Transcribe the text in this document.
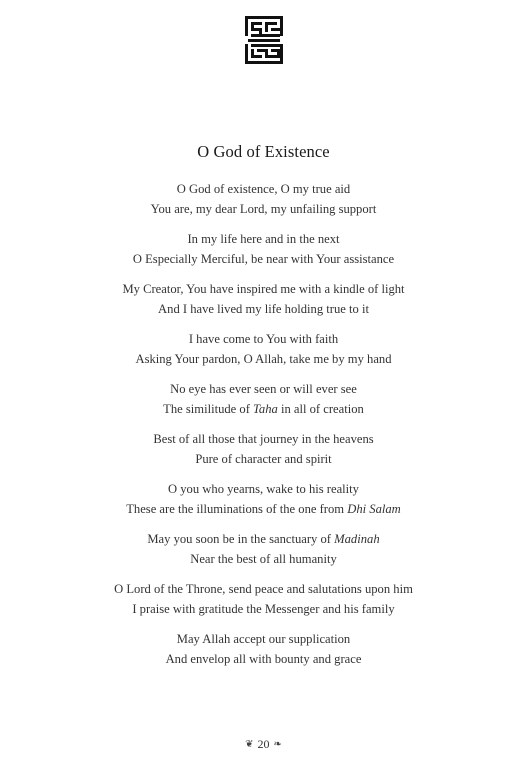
O God of Existence
O God of existence, O my true aid
You are, my dear Lord, my unfailing support
In my life here and in the next
O Especially Merciful, be near with Your assistance
My Creator, You have inspired me with a kindle of light
And I have lived my life holding true to it
I have come to You with faith
Asking Your pardon, O Allah, take me by my hand
No eye has ever seen or will ever see
The similitude of Taha in all of creation
Best of all those that journey in the heavens
Pure of character and spirit
O you who yearns, wake to his reality
These are the illuminations of the one from Dhi Salam
May you soon be in the sanctuary of Madinah
Near the best of all humanity
O Lord of the Throne, send peace and salutations upon him
I praise with gratitude the Messenger and his family
May Allah accept our supplication
And envelop all with bounty and grace
❦ 20 ❧
